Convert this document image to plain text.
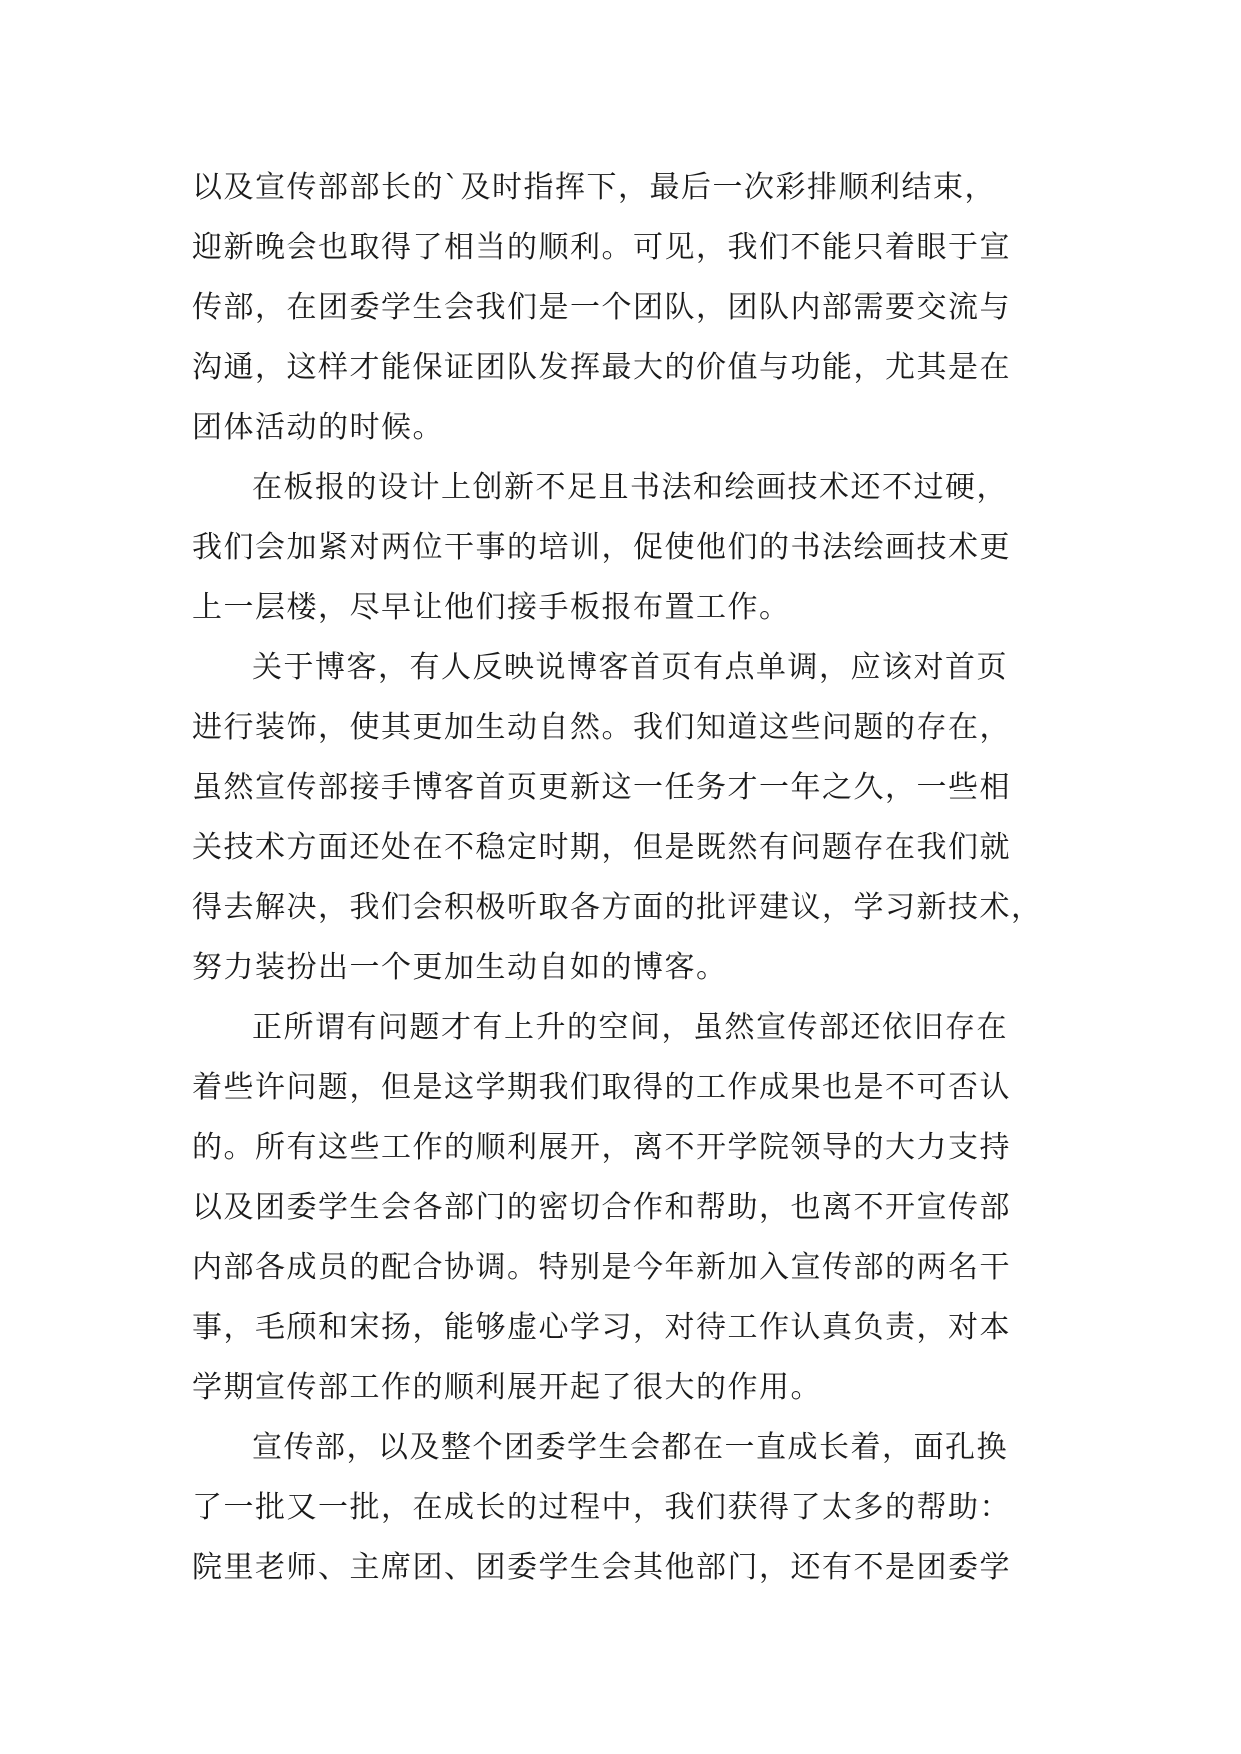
以及宣传部部长的`及时指挥下，最后一次彩排顺利结束，
迎新晚会也取得了相当的顺利。可见，我们不能只着眼于宣
传部，在团委学生会我们是一个团队，团队内部需要交流与
沟通，这样才能保证团队发挥最大的价值与功能，尤其是在
团体活动的时候。
在板报的设计上创新不足且书法和绘画技术还不过硬，
我们会加紧对两位干事的培训，促使他们的书法绘画技术更
上一层楼，尽早让他们接手板报布置工作。
关于博客，有人反映说博客首页有点单调，应该对首页
进行装饰，使其更加生动自然。我们知道这些问题的存在，
虽然宣传部接手博客首页更新这一任务才一年之久，一些相
关技术方面还处在不稳定时期，但是既然有问题存在我们就
得去解决，我们会积极听取各方面的批评建议，学习新技术，
努力装扮出一个更加生动自如的博客。
正所谓有问题才有上升的空间，虽然宣传部还依旧存在
着些许问题，但是这学期我们取得的工作成果也是不可否认
的。所有这些工作的顺利展开，离不开学院领导的大力支持
以及团委学生会各部门的密切合作和帮助，也离不开宣传部
内部各成员的配合协调。特别是今年新加入宣传部的两名干
事，毛颀和宋扬，能够虚心学习，对待工作认真负责，对本
学期宣传部工作的顺利展开起了很大的作用。
宣传部，以及整个团委学生会都在一直成长着，面孔换
了一批又一批，在成长的过程中，我们获得了太多的帮助：
院里老师、主席团、团委学生会其他部门，还有不是团委学
